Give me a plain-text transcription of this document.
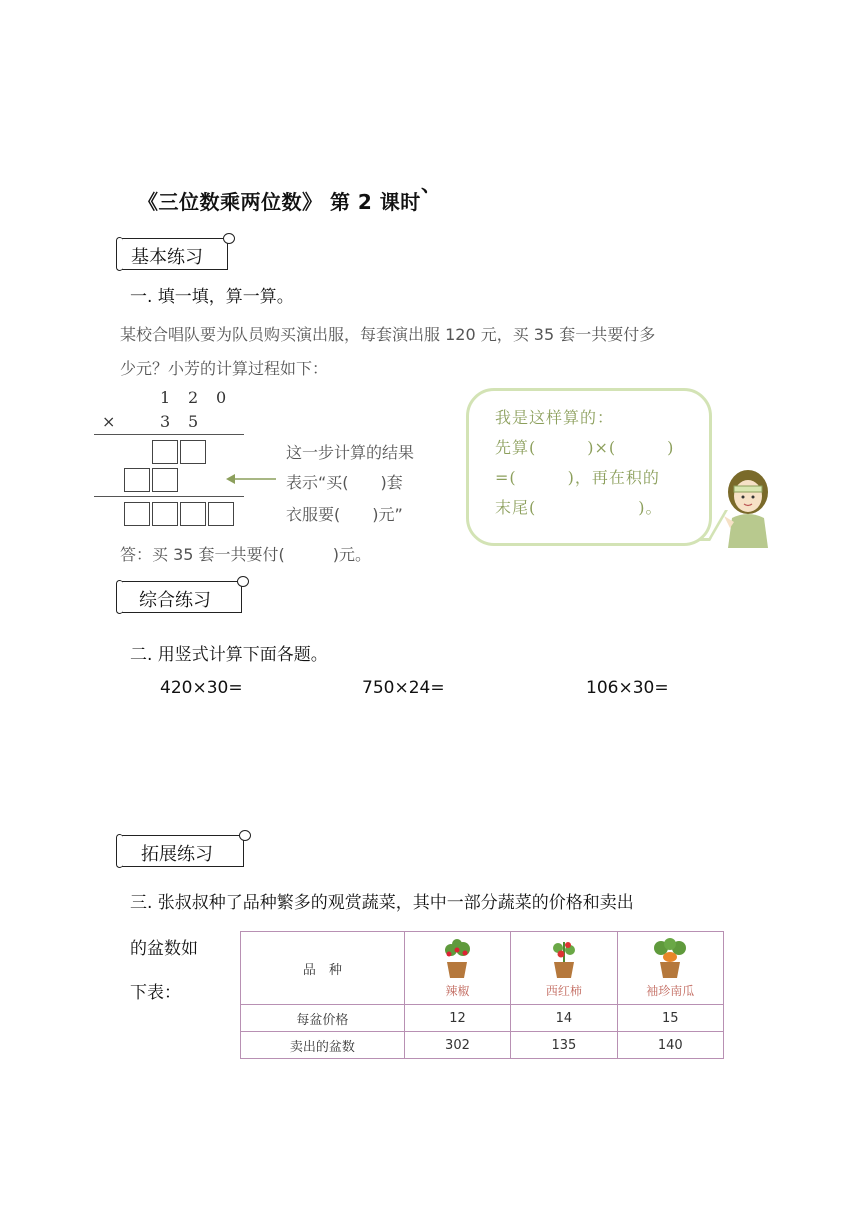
、
《三位数乘两位数》 第 2 课时
基本练习
一. 填一填，算一算。
某校合唱队要为队员购买演出服，每套演出服 120 元，买 35 套一共要付多
少元？小芳的计算过程如下：
1 2 0
×	3 5
这一步计算的结果
表示“买(　　)套
衣服要(　　)元”
答：买 35 套一共要付(　　　)元。
我是这样算的：
先算(　　　)×(　　　)
=(　　　)，再在积的
末尾(　　　　　　)。
综合练习
二. 用竖式计算下面各题。
420×30=	750×24=	106×30=
拓展练习
三. 张叔叔种了品种繁多的观赏蔬菜，其中一部分蔬菜的价格和卖出
的盆数如
下表：
品　种	辣椒	西红柿	袖珍南瓜

每盆价格	12	14	15
卖出的盆数	302	135	140
